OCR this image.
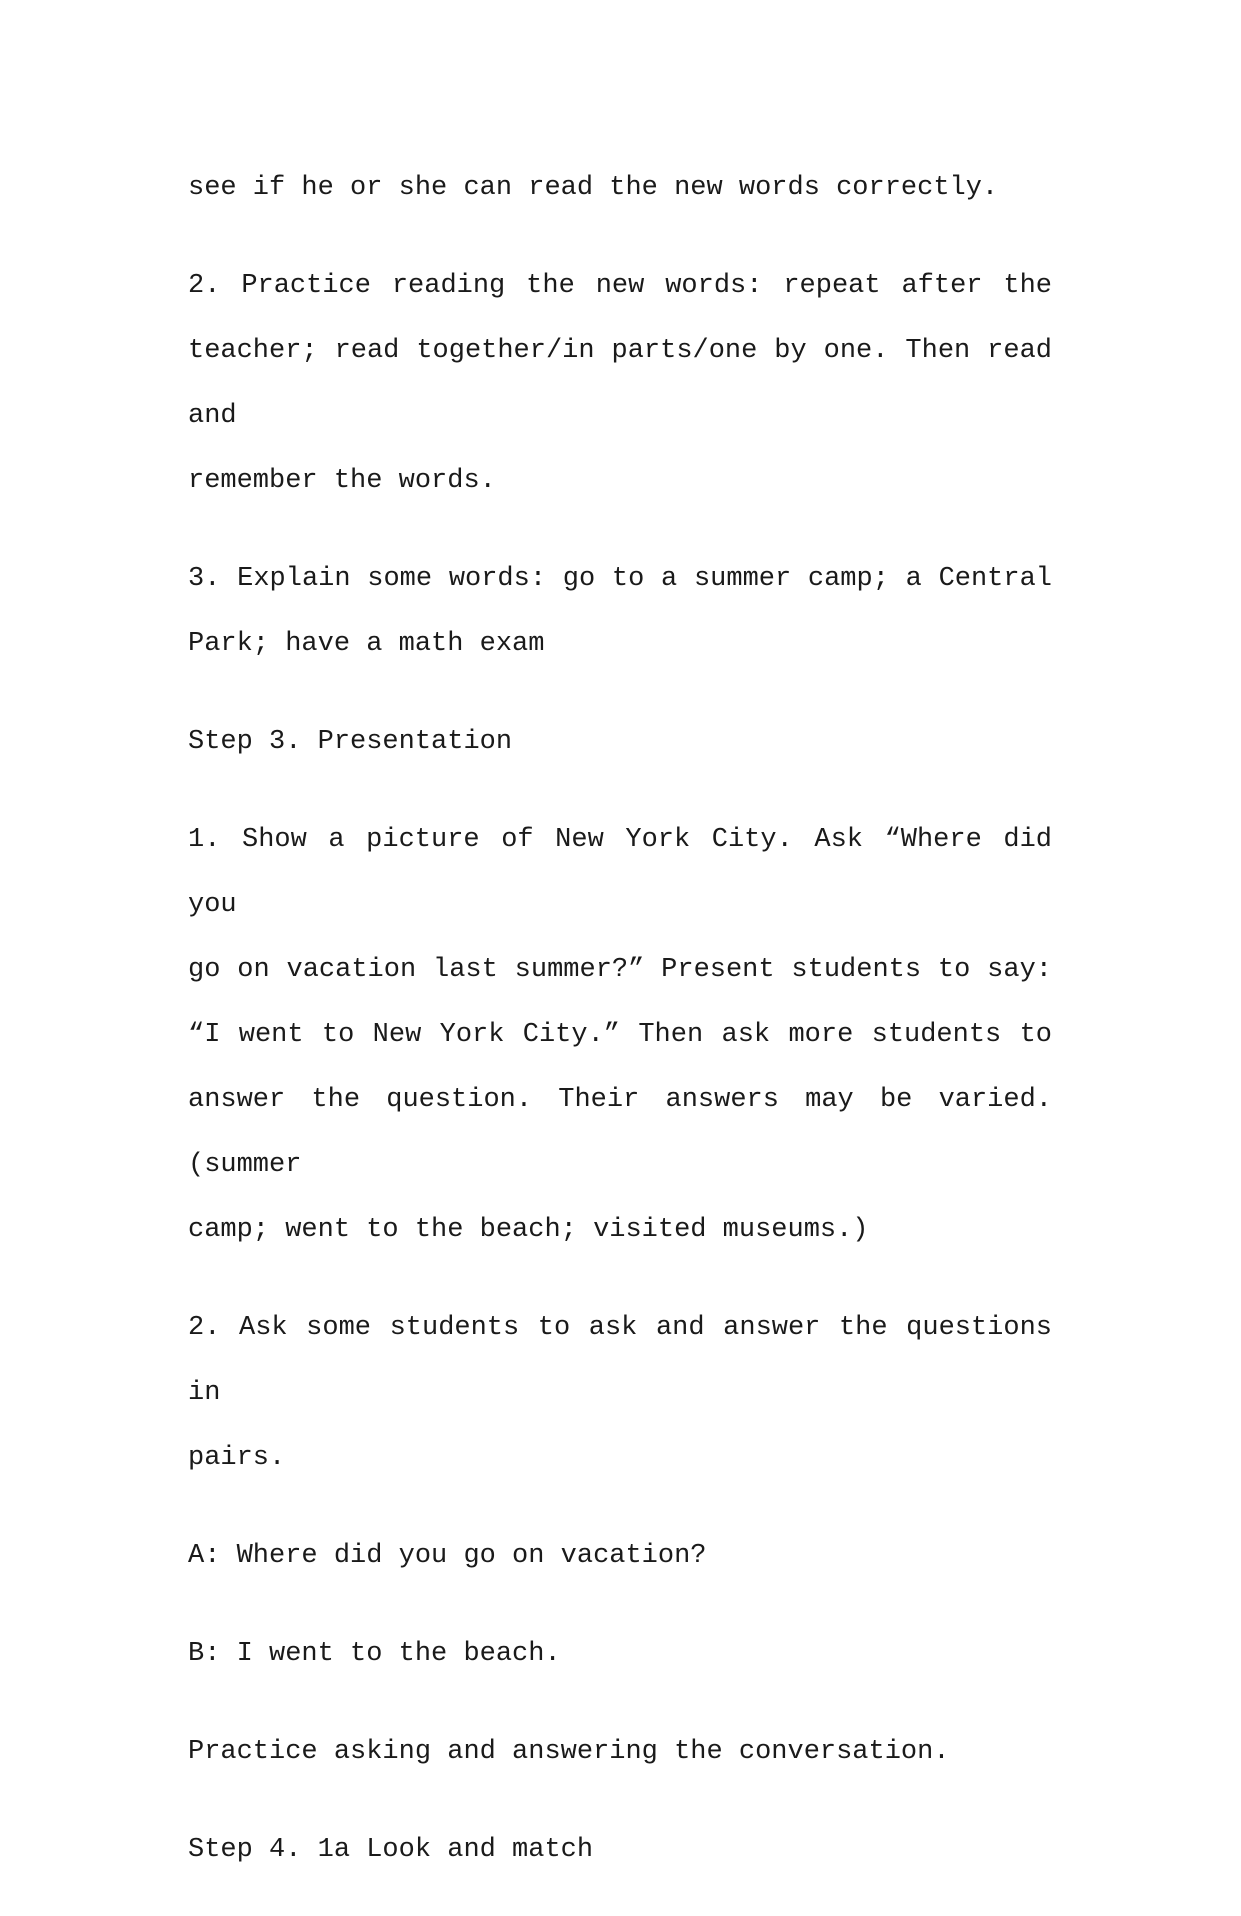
see if he or she can read the new words correctly.
2. Practice reading the new words: repeat after the
teacher; read together/in parts/one by one. Then read and
remember the words.
3. Explain some words: go to a summer camp; a Central
Park; have a math exam
Step 3. Presentation
1. Show a picture of New York City. Ask “Where did you
go on vacation last summer?” Present students to say:
“I went to New York City.” Then ask more students to
answer the question. Their answers may be varied. (summer
camp; went to the beach; visited museums.)
2. Ask some students to ask and answer the questions in
pairs.
A: Where did you go on vacation?
B: I went to the beach.
Practice asking and answering the conversation.
Step 4. 1a Look and match
